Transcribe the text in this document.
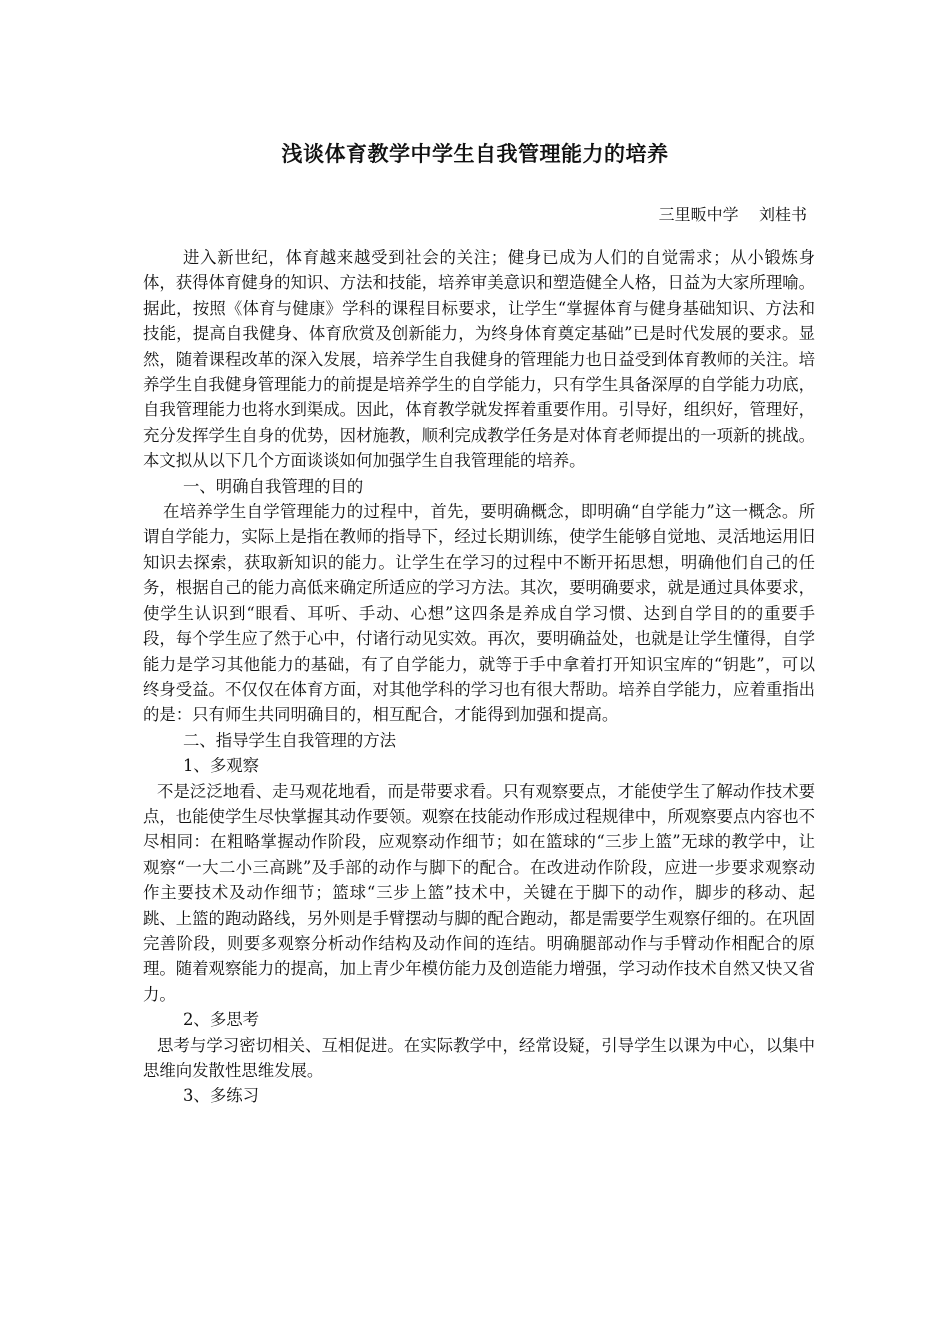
浅谈体育教学中学生自我管理能力的培养
三里畈中学    刘桂书

进入新世纪，体育越来越受到社会的关注；健身已成为人们的自觉需求；从小锻炼身体，获得体育健身的知识、方法和技能，培养审美意识和塑造健全人格，日益为大家所理喻。据此，按照《体育与健康》学科的课程目标要求，让学生“掌握体育与健身基础知识、方法和技能，提高自我健身、体育欣赏及创新能力，为终身体育奠定基础”已是时代发展的要求。显然，随着课程改革的深入发展，培养学生自我健身的管理能力也日益受到体育教师的关注。培养学生自我健身管理能力的前提是培养学生的自学能力，只有学生具备深厚的自学能力功底，自我管理能力也将水到渠成。因此，体育教学就发挥着重要作用。引导好，组织好，管理好，充分发挥学生自身的优势，因材施教，顺利完成教学任务是对体育老师提出的一项新的挑战。本文拟从以下几个方面谈谈如何加强学生自我管理能的培养。

一、明确自我管理的目的

在培养学生自学管理能力的过程中，首先，要明确概念，即明确“自学能力”这一概念。所谓自学能力，实际上是指在教师的指导下，经过长期训练，使学生能够自觉地、灵活地运用旧知识去探索，获取新知识的能力。让学生在学习的过程中不断开拓思想，明确他们自己的任务，根据自己的能力高低来确定所适应的学习方法。其次，要明确要求，就是通过具体要求，使学生认识到“眼看、耳听、手动、心想”这四条是养成自学习惯、达到自学目的的重要手段，每个学生应了然于心中，付诸行动见实效。再次，要明确益处，也就是让学生懂得，自学能力是学习其他能力的基础，有了自学能力，就等于手中拿着打开知识宝库的“钥匙”，可以终身受益。不仅仅在体育方面，对其他学科的学习也有很大帮助。培养自学能力，应着重指出的是：只有师生共同明确目的，相互配合，才能得到加强和提高。

二、指导学生自我管理的方法

1、多观察

不是泛泛地看、走马观花地看，而是带要求看。只有观察要点，才能使学生了解动作技术要点，也能使学生尽快掌握其动作要领。观察在技能动作形成过程规律中，所观察要点内容也不尽相同：在粗略掌握动作阶段，应观察动作细节；如在篮球的“三步上篮”无球的教学中，让观察“一大二小三高跳”及手部的动作与脚下的配合。在改进动作阶段，应进一步要求观察动作主要技术及动作细节；篮球“三步上篮”技术中，关键在于脚下的动作，脚步的移动、起跳、上篮的跑动路线，另外则是手臂摆动与脚的配合跑动，都是需要学生观察仔细的。在巩固完善阶段，则要多观察分析动作结构及动作间的连结。明确腿部动作与手臂动作相配合的原理。随着观察能力的提高，加上青少年模仿能力及创造能力增强，学习动作技术自然又快又省力。

2、多思考

思考与学习密切相关、互相促进。在实际教学中，经常设疑，引导学生以课为中心，以集中思维向发散性思维发展。

3、多练习
